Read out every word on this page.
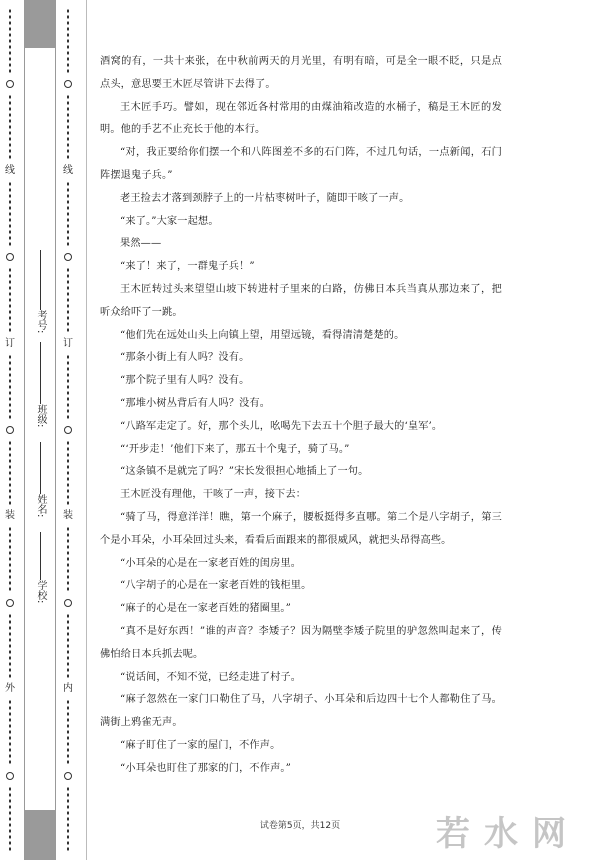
线
订
装
外
考号:
班级:
姓名:
学校:
线
订
装
内

酒窝的有，一共十来张，在中秋前两天的月光里，有明有暗，可是全一眼不眨，只是点点头，意思要王木匠尽管讲下去得了。

王木匠手巧。譬如，现在邻近各村常用的由煤油箱改造的水桶子，稿是王木匠的发明。他的手艺不止充长于他的本行。

“对，我正要给你们摆一个和八阵图差不多的石门阵，不过几句话，一点新闻，石门阵摆退鬼子兵。”

老王捡去才落到颈脖子上的一片枯枣树叶子，随即干咳了一声。

“来了。”大家一起想。

果然——

“来了！来了，一群鬼子兵！”

王木匠转过头来望望山坡下转进村子里来的白路，仿佛日本兵当真从那边来了，把听众给吓了一跳。

“他们先在远处山头上向镇上望，用望远镜，看得清清楚楚的。

“那条小街上有人吗？没有。

“那个院子里有人吗？没有。

“那堆小树丛背后有人吗？没有。

“八路军走定了。好，那个头儿，吆喝先下去五十个胆子最大的‘皇军’。

“‘开步走！’他们下来了，那五十个鬼子，骑了马。”

“这条镇不是就完了吗？”宋长发很担心地插上了一句。

王木匠没有理他，干咳了一声，接下去：

“骑了马，得意洋洋！瞧，第一个麻子，腰板挺得多直哪。第二个是八字胡子，第三个是小耳朵，小耳朵回过头来，看看后面跟来的都很威风，就把头昂得高些。

“小耳朵的心是在一家老百姓的闺房里。

“八字胡子的心是在一家老百姓的钱柜里。

“麻子的心是在一家老百姓的猪圈里。”

“真不是好东西！”谁的声音？李矮子？因为隔壁李矮子院里的驴忽然叫起来了，传佛怕给日本兵抓去呢。

“说话间，不知不觉，已经走进了村子。

“麻子忽然在一家门口勒住了马，八字胡子、小耳朵和后边四十七个人都勒住了马。满街上鸦雀无声。

“麻子盯住了一家的屋门，不作声。

“小耳朵也盯住了那家的门，不作声。”

试卷第5页，共12页	若水网
